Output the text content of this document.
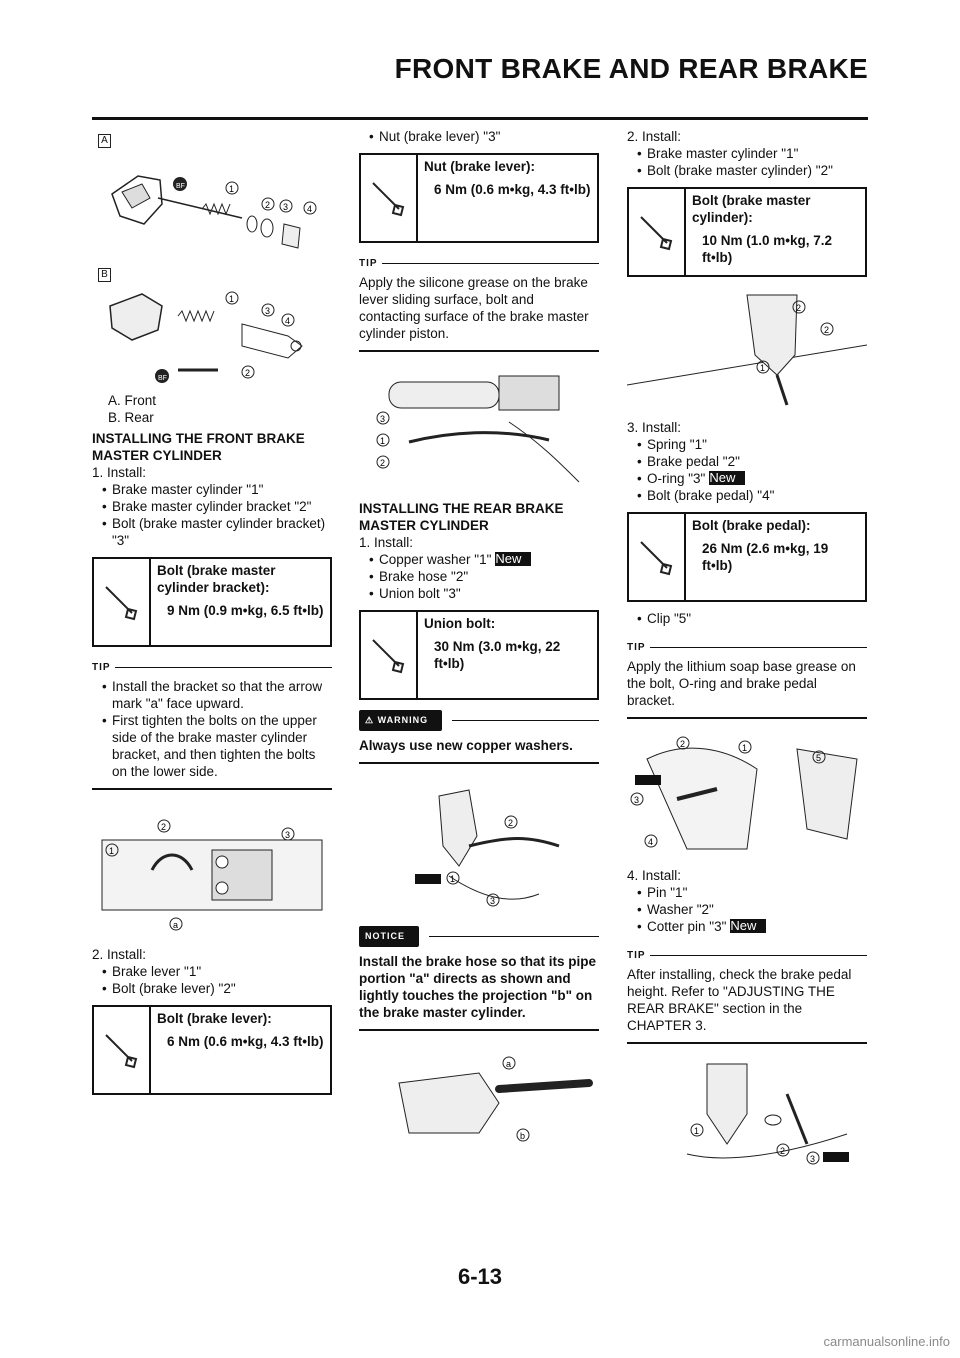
FRONT BRAKE AND REAR BRAKE
A
BF	1
2 3 4
B
1
3
4
2
BF
A. Front
B. Rear
INSTALLING THE FRONT BRAKE MASTER CYLINDER
1. Install:
• Brake master cylinder "1"
• Brake master cylinder bracket "2"
• Bolt (brake master cylinder bracket) "3"
Bolt (brake master cylinder bracket):
9 Nm (0.9 m•kg, 6.5 ft•lb)
TIP
• Install the bracket so that the arrow mark "a" face upward.
• First tighten the bolts on the upper side of the brake master cylinder bracket, and then tighten the bolts on the lower side.
1
2
3
a
2. Install:
• Brake lever "1"
• Bolt (brake lever) "2"
Bolt (brake lever):
6 Nm (0.6 m•kg, 4.3 ft•lb)
• Nut (brake lever) "3"
Nut (brake lever):
6 Nm (0.6 m•kg, 4.3 ft•lb)
TIP
Apply the silicone grease on the brake lever sliding surface, bolt and contacting surface of the brake master cylinder piston.
3
1
2
INSTALLING THE REAR BRAKE MASTER CYLINDER
1. Install:
• Copper washer "1" New
• Brake hose "2"
• Union bolt "3"
Union bolt:
30 Nm (3.0 m•kg, 22 ft•lb)
⚠ WARNING
Always use new copper washers.
2
1
3
NOTICE
Install the brake hose so that its pipe portion "a" directs as shown and lightly touches the projection "b" on the brake master cylinder.
a
b
2. Install:
• Brake master cylinder "1"
• Bolt (brake master cylinder) "2"
Bolt (brake master cylinder):
10 Nm (1.0 m•kg, 7.2 ft•lb)
2
2
1
3. Install:
• Spring "1"
• Brake pedal "2"
• O-ring "3" New
• Bolt (brake pedal) "4"
Bolt (brake pedal):
26 Nm (2.6 m•kg, 19 ft•lb)
• Clip "5"
TIP
Apply the lithium soap base grease on the bolt, O-ring and brake pedal bracket.
2	1
5
3
4
4. Install:
• Pin "1"
• Washer "2"
• Cotter pin "3" New
TIP
After installing, check the brake pedal height. Refer to "ADJUSTING THE REAR BRAKE" section in the CHAPTER 3.
1
2
3
6-13
carmanualsonline.info
